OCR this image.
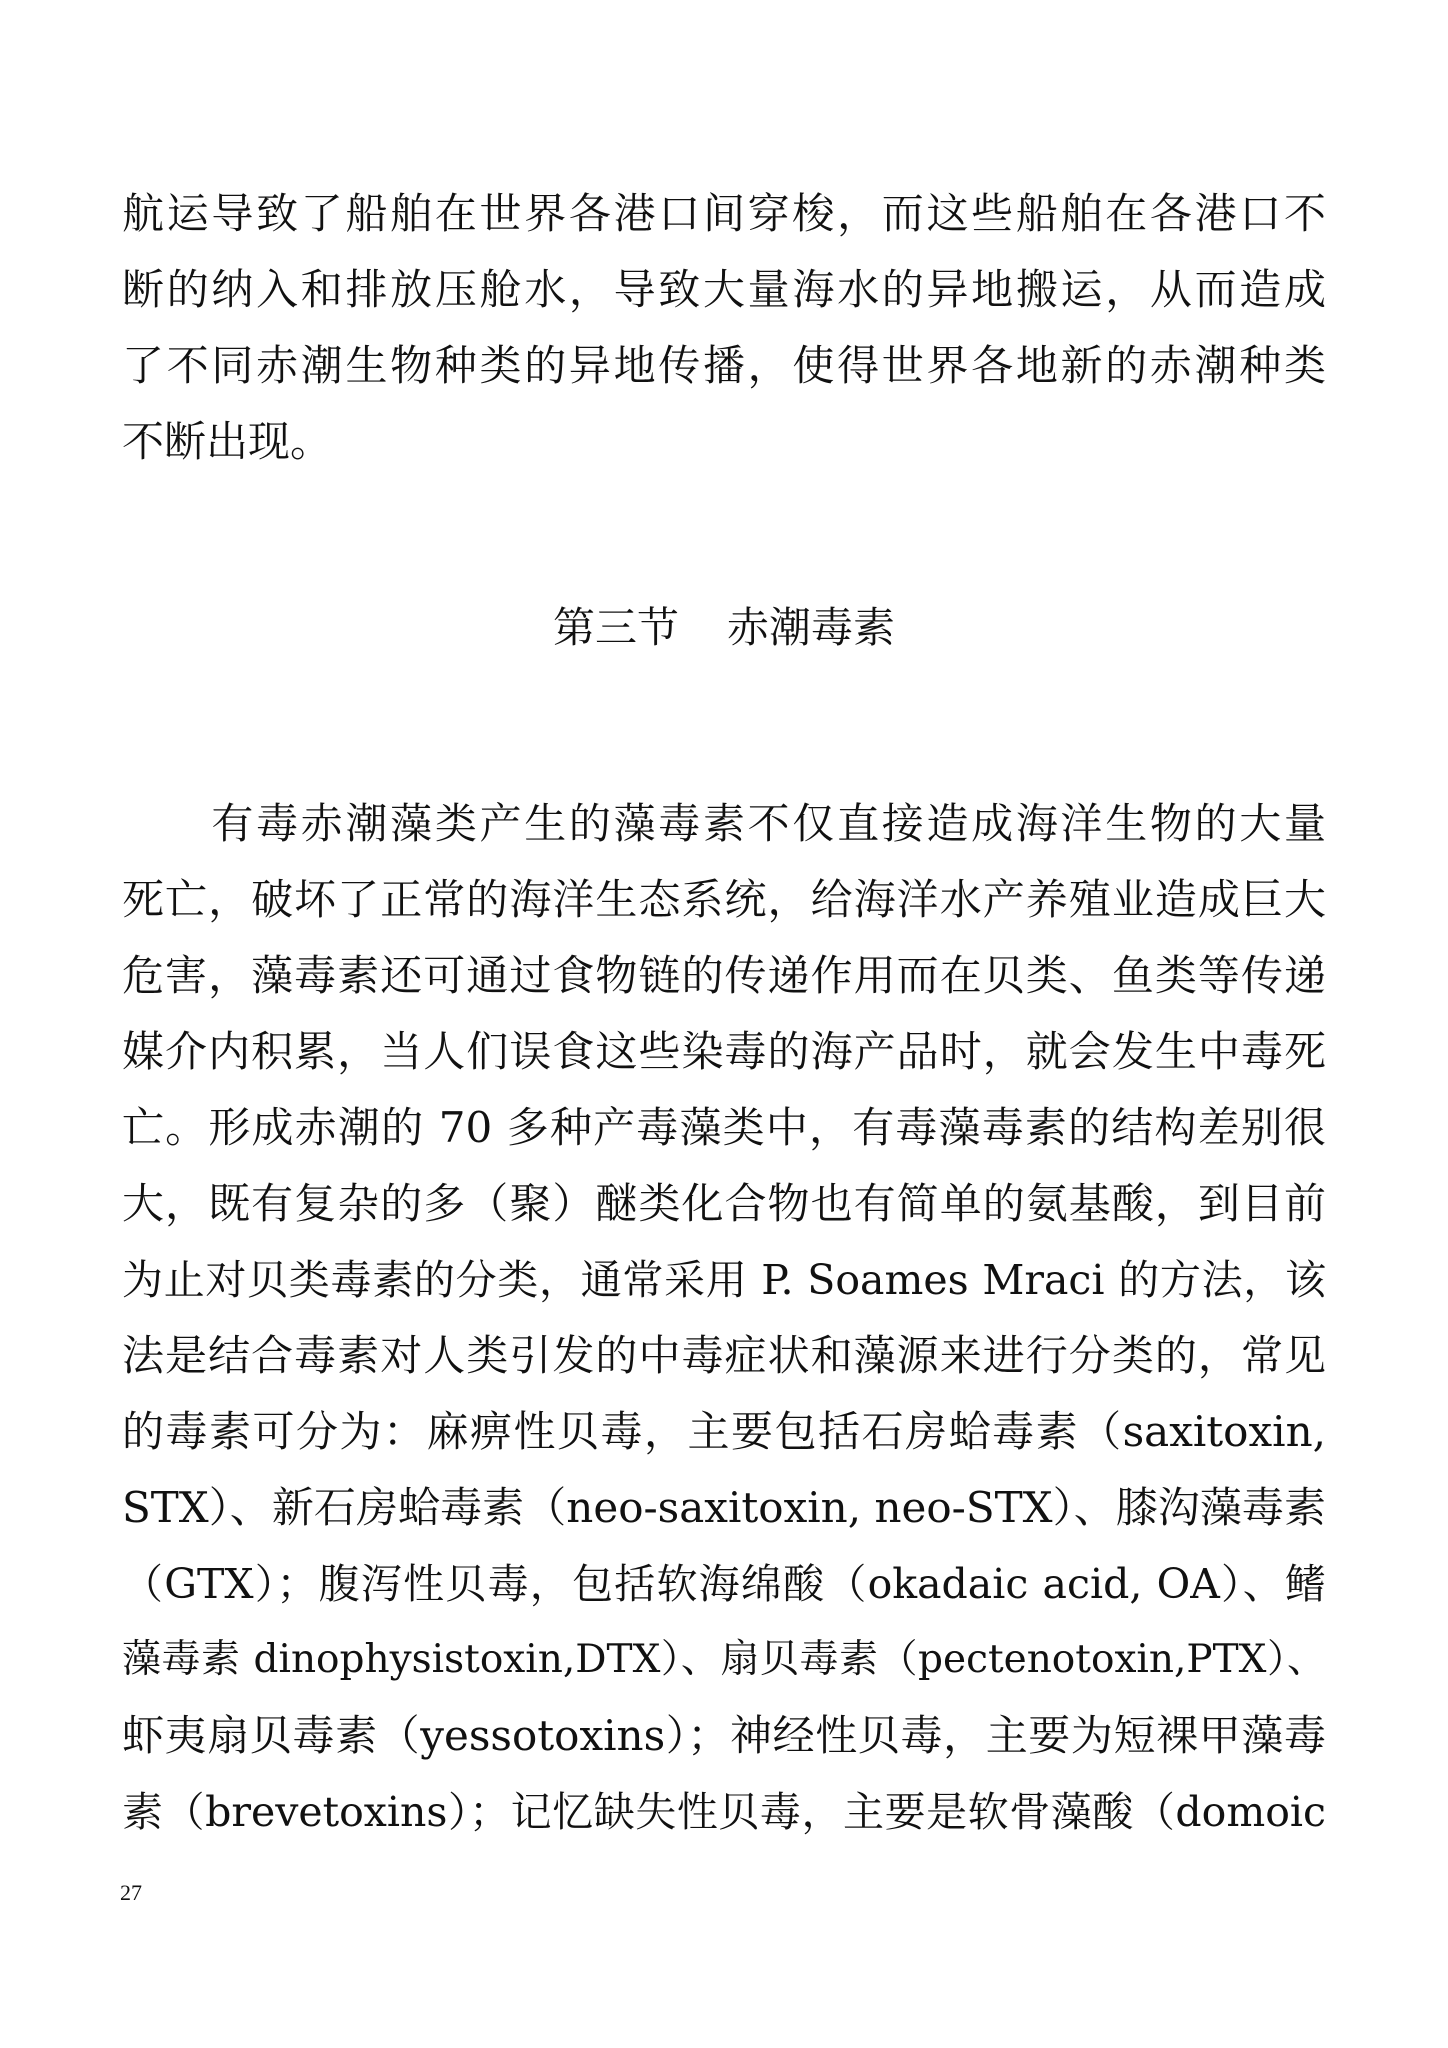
航运导致了船舶在世界各港口间穿梭，而这些船舶在各港口不
断的纳入和排放压舱水，导致大量海水的异地搬运，从而造成
了不同赤潮生物种类的异地传播，使得世界各地新的赤潮种类
不断出现。
第三节 赤潮毒素
　　有毒赤潮藻类产生的藻毒素不仅直接造成海洋生物的大量
死亡，破坏了正常的海洋生态系统，给海洋水产养殖业造成巨大
危害，藻毒素还可通过食物链的传递作用而在贝类、鱼类等传递
媒介内积累，当人们误食这些染毒的海产品时，就会发生中毒死
亡。形成赤潮的 70 多种产毒藻类中，有毒藻毒素的结构差别很
大，既有复杂的多（聚）醚类化合物也有简单的氨基酸，到目前
为止对贝类毒素的分类，通常采用 P. Soames Mraci 的方法，该
法是结合毒素对人类引发的中毒症状和藻源来进行分类的，常见
的毒素可分为：麻痹性贝毒，主要包括石房蛤毒素（saxitoxin,
STX）、新石房蛤毒素（neo-saxitoxin, neo-STX）、膝沟藻毒素
（GTX）；腹泻性贝毒，包括软海绵酸（okadaic acid, OA）、鳍
藻毒素 dinophysistoxin,DTX）、扇贝毒素（pectenotoxin,PTX）、
虾夷扇贝毒素（yessotoxins）；神经性贝毒，主要为短裸甲藻毒
素（brevetoxins）；记忆缺失性贝毒，主要是软骨藻酸（domoic
27
